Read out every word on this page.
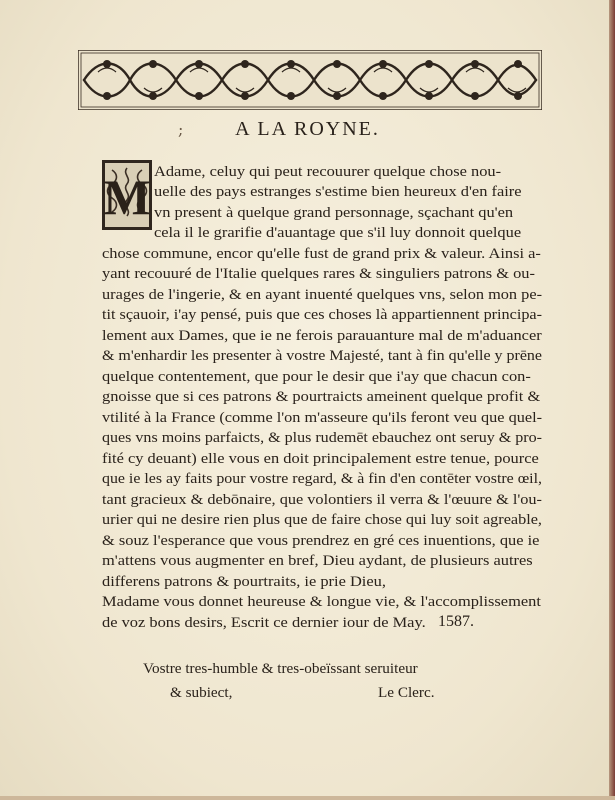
;	A LA ROYNE.
M Adame, celuy qui peut recouurer quelque chose nou-

uelle des pays estranges s'estime bien heureux d'en faire

vn present à quelque grand personnage, sçachant qu'en

cela il le grarifie d'auantage que s'il luy donnoit quelque

chose commune, encor qu'elle fust de grand prix & valeur. Ainsi a-

yant recouuré de l'Italie quelques rares & singuliers patrons & ou-

urages de l'ingerie, & en ayant inuenté quelques vns, selon mon pe-

tit sçauoir, i'ay pensé, puis que ces choses là appartiennent principa-

lement aux Dames, que ie ne ferois parauanture mal de m'aduancer

& m'enhardir les presenter à vostre Majesté, tant à fin qu'elle y prēne

quelque contentement, que pour le desir que i'ay que chacun con-

gnoisse que si ces patrons & pourtraicts ameinent quelque profit &

vtilité à la France (comme l'on m'asseure qu'ils feront veu que quel-

ques vns moins parfaicts, & plus rudemēt ebauchez ont seruy & pro-

fité cy deuant) elle vous en doit principalement estre tenue, pource

que ie les ay faits pour vostre regard, & à fin d'en contēter vostre œil,

tant gracieux & debōnaire, que volontiers il verra & l'œuure & l'ou-

urier qui ne desire rien plus que de faire chose qui luy soit agreable,

& souz l'esperance que vous prendrez en gré ces inuentions, que ie

m'attens vous augmenter en bref, Dieu aydant, de plusieurs autres

differens patrons & pourtraits, ie prie Dieu,

Madame vous donnet heureuse & longue vie, & l'accomplissement

de voz bons desirs, Escrit ce dernier iour de May. 1587.

Vostre tres-humble & tres-obeïssant seruiteur

& subiect,	Le Clerc.
